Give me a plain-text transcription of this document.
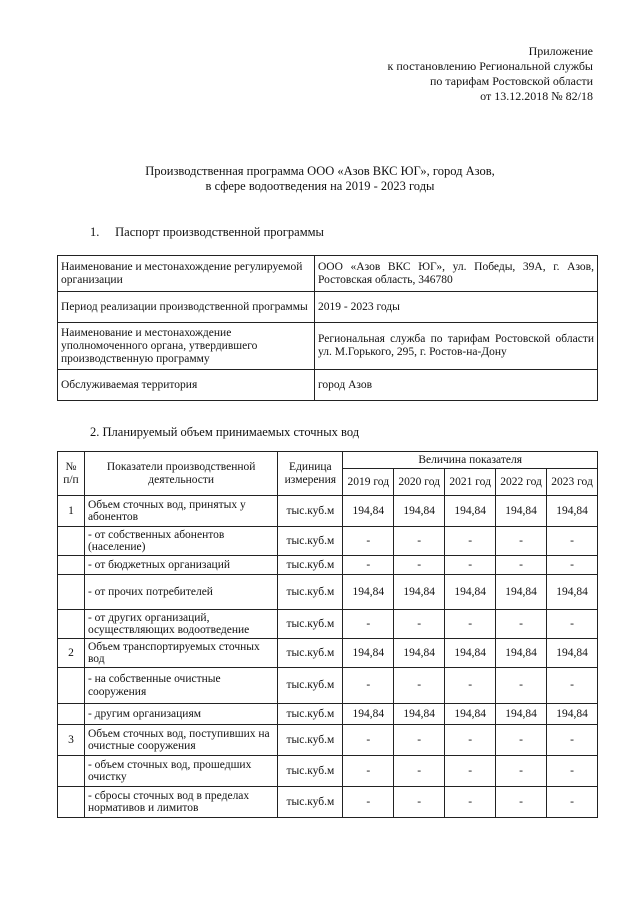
Приложение
к постановлению Региональной службы
по тарифам Ростовской области
от 13.12.2018 № 82/18
Производственная программа ООО «Азов ВКС ЮГ», город Азов,
в сфере водоотведения на 2019 - 2023 годы
1. Паспорт производственной программы
Наименование и местонахождение регулируемой организации	ООО «Азов ВКС ЮГ», ул. Победы, 39А, г. Азов, Ростовская область, 346780
Период реализации производственной программы	2019 - 2023 годы
Наименование и местонахождение уполномоченного органа, утвердившего производственную программу	Региональная служба по тарифам Ростовской области ул. М.Горького, 295, г. Ростов-на-Дону
Обслуживаемая территория	город Азов
2. Планируемый объем принимаемых сточных вод
№ п/п	Показатели производственной деятельности	Единица измерения	Величина показателя				
			2019 год	2020 год	2021 год	2022 год	2023 год
1	Объем сточных вод, принятых у абонентов	тыс.куб.м	194,84	194,84	194,84	194,84	194,84
	- от собственных абонентов (население)	тыс.куб.м	-	-	-	-	-
	- от бюджетных организаций	тыс.куб.м	-	-	-	-	-
	- от прочих потребителей	тыс.куб.м	194,84	194,84	194,84	194,84	194,84
	- от других организаций, осуществляющих водоотведение	тыс.куб.м	-	-	-	-	-
2	Объем транспортируемых сточных вод	тыс.куб.м	194,84	194,84	194,84	194,84	194,84
	- на собственные очистные сооружения	тыс.куб.м	-	-	-	-	-
	- другим организациям	тыс.куб.м	194,84	194,84	194,84	194,84	194,84
3	Объем сточных вод, поступивших на очистные сооружения	тыс.куб.м	-	-	-	-	-
	- объем сточных вод, прошедших очистку	тыс.куб.м	-	-	-	-	-
	- сбросы сточных вод в пределах нормативов и лимитов	тыс.куб.м	-	-	-	-	-
